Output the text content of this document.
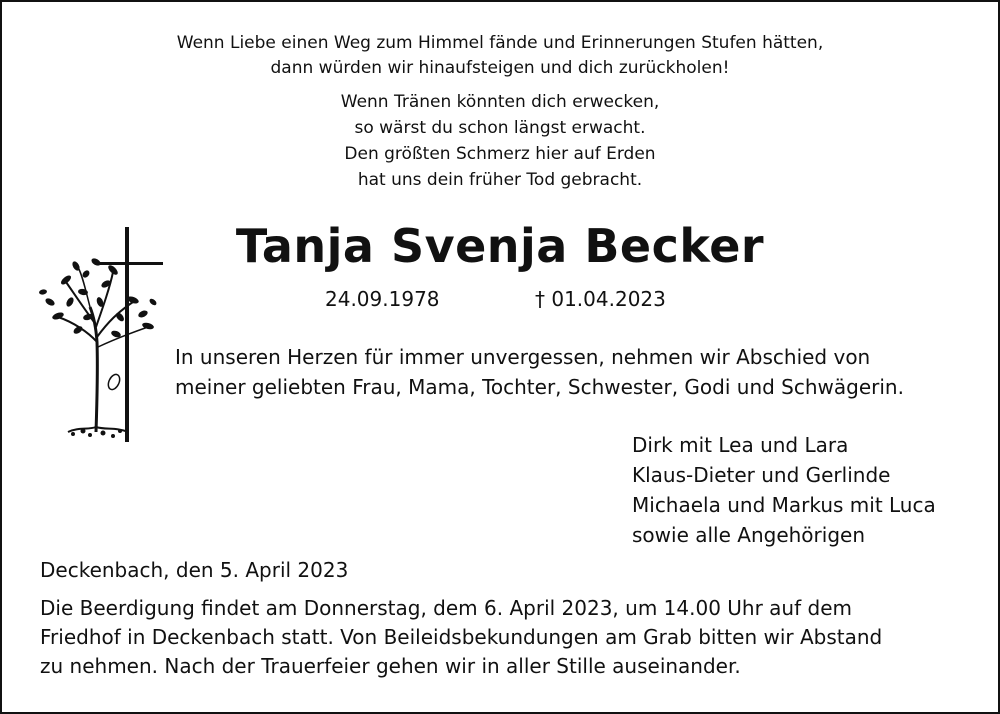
Wenn Liebe einen Weg zum Himmel fände und Erinnerungen Stufen hätten,
dann würden wir hinaufsteigen und dich zurückholen!
Wenn Tränen könnten dich erwecken,
so wärst du schon längst erwacht.
Den größten Schmerz hier auf Erden
hat uns dein früher Tod gebracht.
Tanja Svenja Becker
24.09.1978	† 01.04.2023
In unseren Herzen für immer unvergessen, nehmen wir Abschied von
meiner geliebten Frau, Mama, Tochter, Schwester, Godi und Schwägerin.
Dirk mit Lea und Lara
Klaus-Dieter und Gerlinde
Michaela und Markus mit Luca
sowie alle Angehörigen
Deckenbach, den 5. April 2023
Die Beerdigung findet am Donnerstag, dem 6. April 2023, um 14.00 Uhr auf dem
Friedhof in Deckenbach statt. Von Beileidsbekundungen am Grab bitten wir Abstand
zu nehmen. Nach der Trauerfeier gehen wir in aller Stille auseinander.
